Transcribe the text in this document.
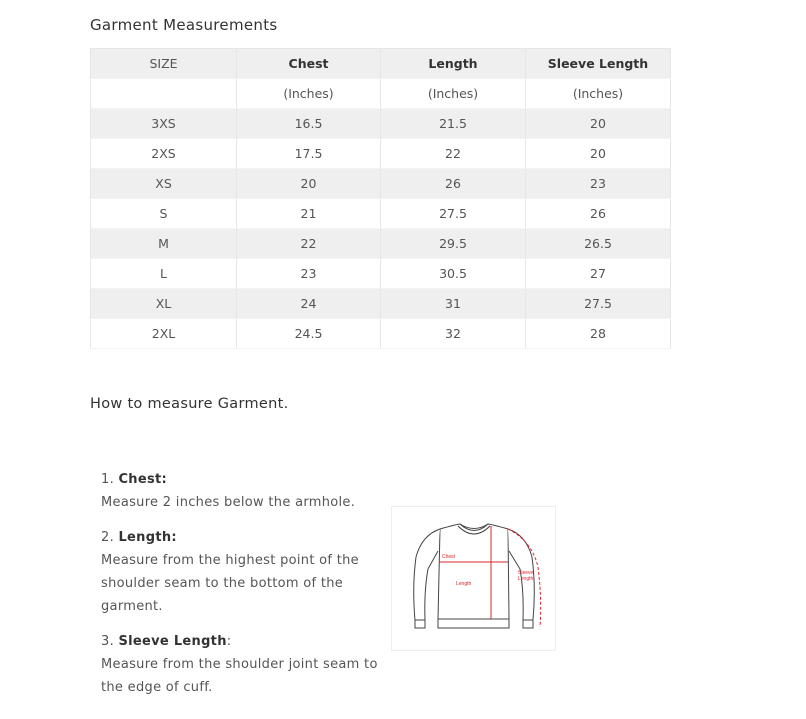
Garment Measurements
SIZE	Chest	Length	Sleeve Length
	(Inches)	(Inches)	(Inches)
3XS	16.5	21.5	20
2XS	17.5	22	20
XS	20	26	23
S	21	27.5	26
M	22	29.5	26.5
L	23	30.5	27
XL	24	31	27.5
2XL	24.5	32	28
How to measure Garment.
1. Chest:
Measure 2 inches below the armhole.
2. Length:
Measure from the highest point of the shoulder seam to the bottom of the garment.
3. Sleeve Length:
Measure from the shoulder joint seam to the edge of cuff.
Chest
Length
Sleeve
Length
